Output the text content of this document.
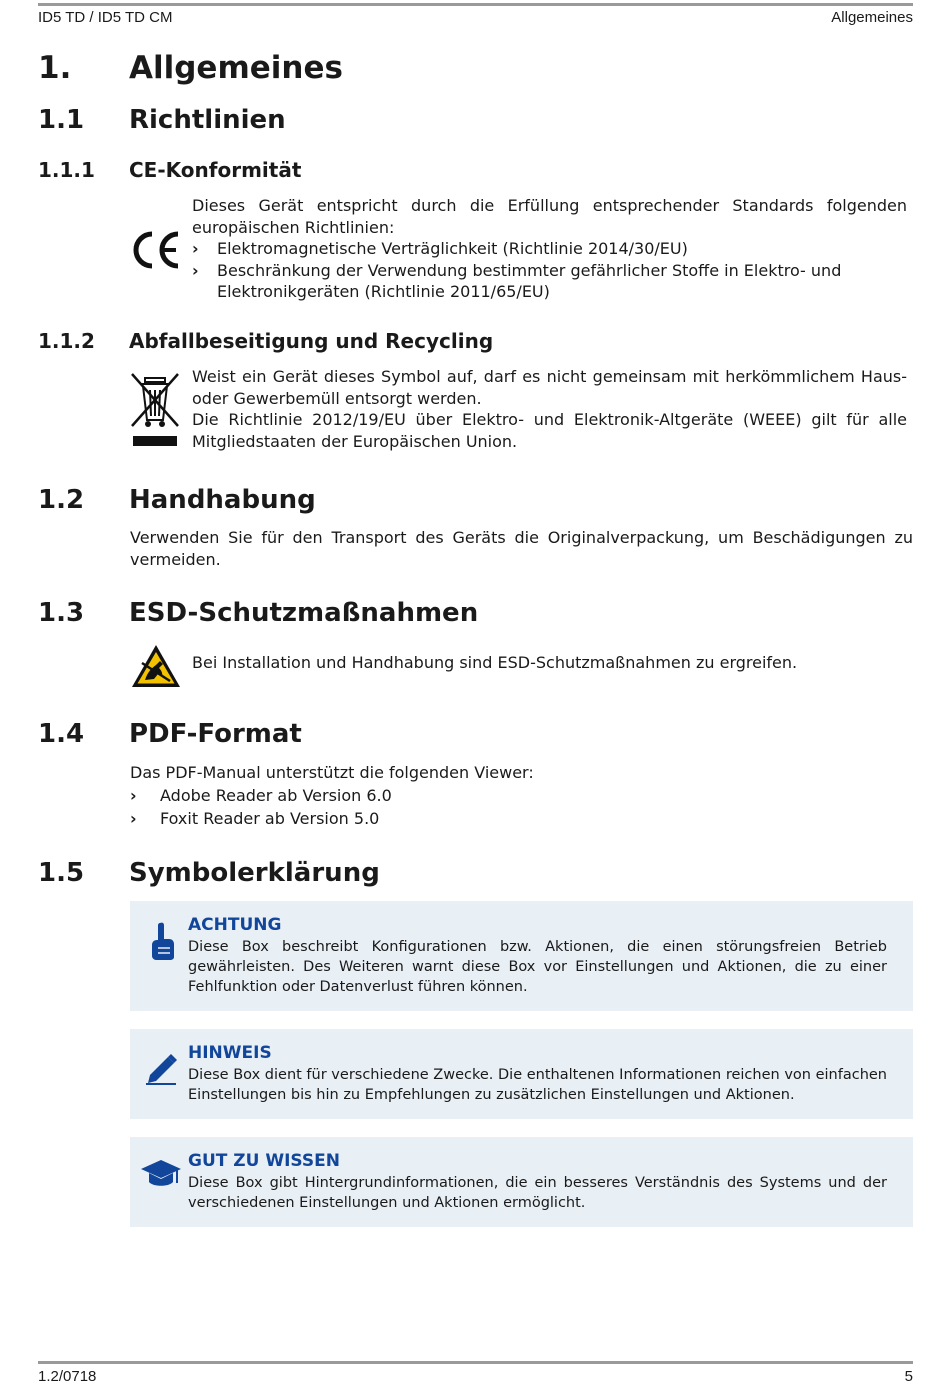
ID5 TD / ID5 TD CM	Allgemeines
1. Allgemeines
1.1 Richtlinien
1.1.1 CE-Konformität
Dieses Gerät entspricht durch die Erfüllung entsprechender Standards folgenden europäischen Richtlinien:
› Elektromagnetische Verträglichkeit (Richtlinie 2014/30/EU)
› Beschränkung der Verwendung bestimmter gefährlicher Stoffe in Elektro- und Elektronikgeräten (Richtlinie 2011/65/EU)
1.1.2 Abfallbeseitigung und Recycling
Weist ein Gerät dieses Symbol auf, darf es nicht gemeinsam mit herkömmlichem Haus- oder Gewerbemüll entsorgt werden.
Die Richtlinie 2012/19/EU über Elektro- und Elektronik-Altgeräte (WEEE) gilt für alle Mitgliedstaaten der Europäischen Union.
1.2 Handhabung
Verwenden Sie für den Transport des Geräts die Originalverpackung, um Beschädigungen zu vermeiden.
1.3 ESD-Schutzmaßnahmen
Bei Installation und Handhabung sind ESD-Schutzmaßnahmen zu ergreifen.
1.4 PDF-Format
Das PDF-Manual unterstützt die folgenden Viewer:
› Adobe Reader ab Version 6.0
› Foxit Reader ab Version 5.0
1.5 Symbolerklärung
ACHTUNG
Diese Box beschreibt Konfigurationen bzw. Aktionen, die einen störungsfreien Betrieb gewährleisten. Des Weiteren warnt diese Box vor Einstellungen und Aktionen, die zu einer Fehlfunktion oder Datenverlust führen können.
HINWEIS
Diese Box dient für verschiedene Zwecke. Die enthaltenen Informationen reichen von einfachen Einstellungen bis hin zu Empfehlungen zu zusätzlichen Einstellungen und Aktionen.
GUT ZU WISSEN
Diese Box gibt Hintergrundinformationen, die ein besseres Verständnis des Systems und der verschiedenen Einstellungen und Aktionen ermöglicht.
1.2/0718	5
